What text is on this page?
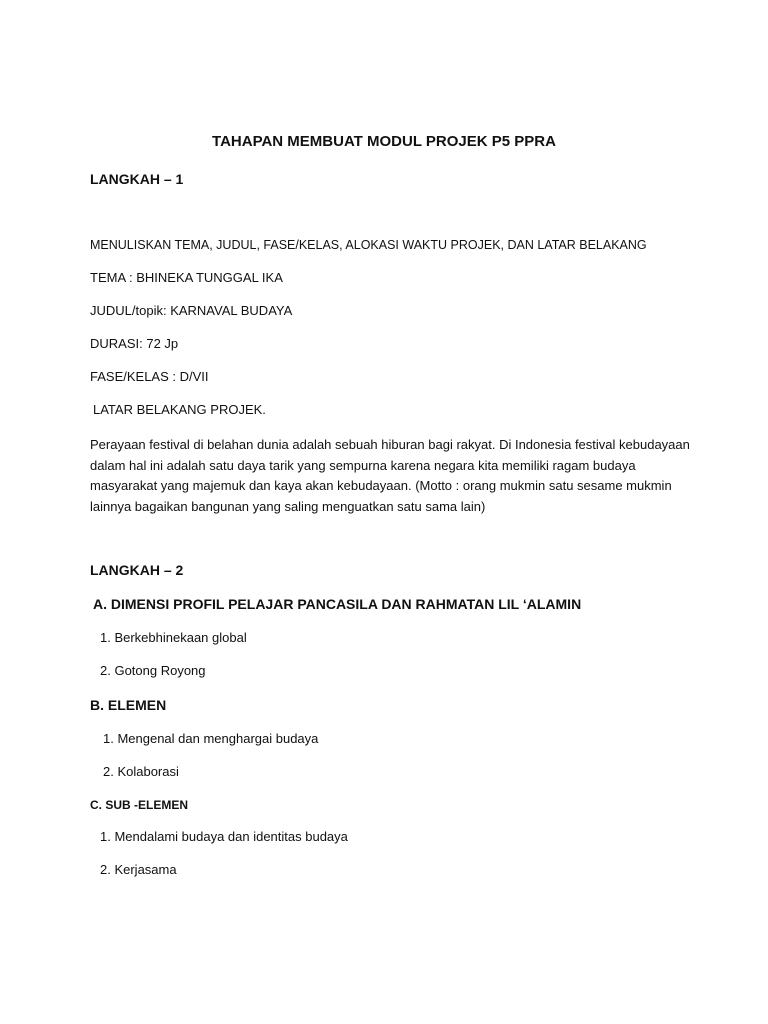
TAHAPAN MEMBUAT MODUL PROJEK P5 PPRA
LANGKAH – 1
MENULISKAN TEMA, JUDUL, FASE/KELAS, ALOKASI WAKTU PROJEK, DAN LATAR BELAKANG
TEMA : BHINEKA TUNGGAL IKA
JUDUL/topik: KARNAVAL BUDAYA
DURASI: 72 Jp
FASE/KELAS : D/VII
LATAR BELAKANG PROJEK.
Perayaan festival di belahan dunia adalah sebuah hiburan bagi rakyat. Di Indonesia festival kebudayaan
dalam hal ini adalah satu daya tarik yang sempurna karena negara kita memiliki ragam budaya
masyarakat yang majemuk dan kaya akan kebudayaan. (Motto : orang mukmin satu sesame mukmin
lainnya bagaikan bangunan yang saling menguatkan satu sama lain)
LANGKAH – 2
A. DIMENSI PROFIL PELAJAR PANCASILA DAN RAHMATAN LIL ‘ALAMIN
1. Berkebhinekaan global
2. Gotong Royong
B. ELEMEN
1. Mengenal dan menghargai budaya
2. Kolaborasi
C. SUB -ELEMEN
1. Mendalami budaya dan identitas budaya
2. Kerjasama
